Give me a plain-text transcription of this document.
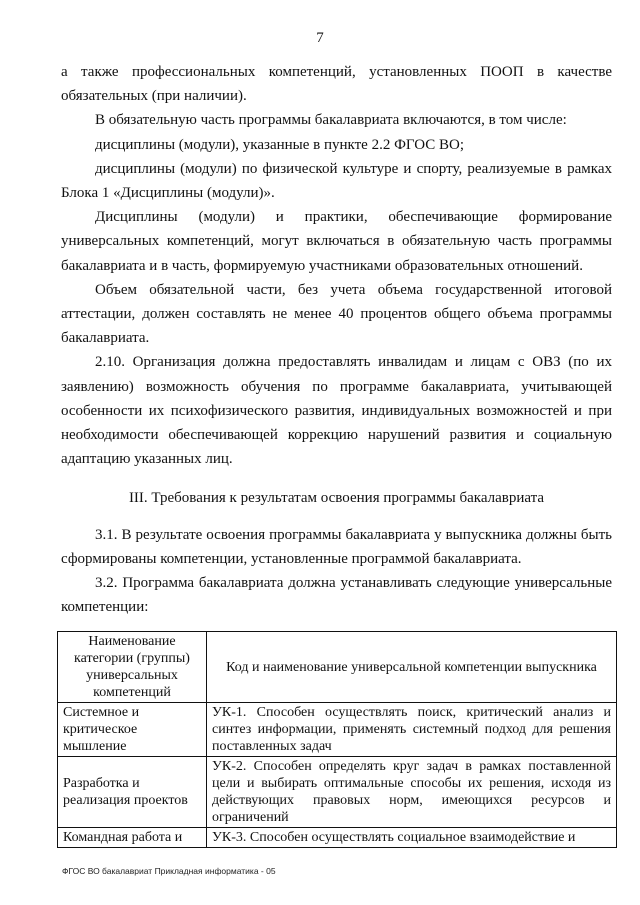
7

а также профессиональных компетенций, установленных ПООП в качестве обязательных (при наличии).

В обязательную часть программы бакалавриата включаются, в том числе:

дисциплины (модули), указанные в пункте 2.2 ФГОС ВО;

дисциплины (модули) по физической культуре и спорту, реализуемые в рамках Блока 1 «Дисциплины (модули)».

Дисциплины (модули) и практики, обеспечивающие формирование универсальных компетенций, могут включаться в обязательную часть программы бакалавриата и в часть, формируемую участниками образовательных отношений.

Объем обязательной части, без учета объема государственной итоговой аттестации, должен составлять не менее 40 процентов общего объема программы бакалавриата.

2.10. Организация должна предоставлять инвалидам и лицам с ОВЗ (по их заявлению) возможность обучения по программе бакалавриата, учитывающей особенности их психофизического развития, индивидуальных возможностей и при необходимости обеспечивающей коррекцию нарушений развития и социальную адаптацию указанных лиц.

III. Требования к результатам освоения программы бакалавриата

3.1. В результате освоения программы бакалавриата у выпускника должны быть сформированы компетенции, установленные программой бакалавриата.

3.2. Программа бакалавриата должна устанавливать следующие универсальные компетенции:

Наименование категории (группы) универсальных компетенций	Код и наименование универсальной компетенции выпускника
Системное и критическое мышление	УК-1. Способен осуществлять поиск, критический анализ и синтез информации, применять системный подход для решения поставленных задач
Разработка и реализация проектов	УК-2. Способен определять круг задач в рамках поставленной цели и выбирать оптимальные способы их решения, исходя из действующих правовых норм, имеющихся ресурсов и ограничений
Командная работа и	УК-3. Способен осуществлять социальное взаимодействие и
ФГОС ВО бакалавриат Прикладная информатика - 05
